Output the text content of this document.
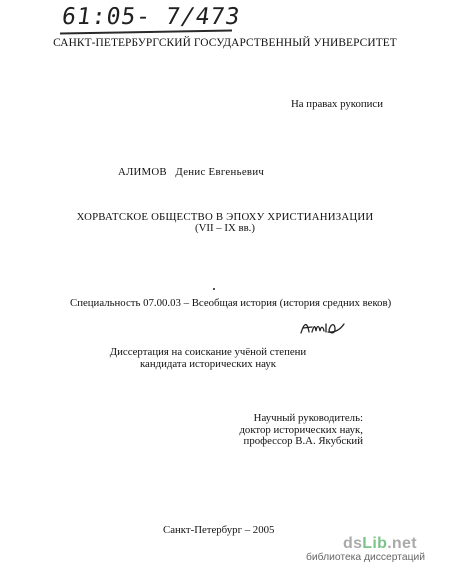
61:05- 7/473
САНКТ-ПЕТЕРБУРГСКИЙ ГОСУДАРСТВЕННЫЙ УНИВЕРСИТЕТ
На правах рукописи
АЛИМОВ Денис Евгеньевич
ХОРВАТСКОЕ ОБЩЕСТВО В ЭПОХУ ХРИСТИАНИЗАЦИИ
(VII – IX вв.)
Специальность 07.00.03 – Всеобщая история (история средних веков)
Диссертация на соискание учёной степени
кандидата исторических наук
Научный руководитель:
доктор исторических наук,
профессор В.А. Якубский
Санкт-Петербург – 2005
dsLib.net
библиотека диссертаций
